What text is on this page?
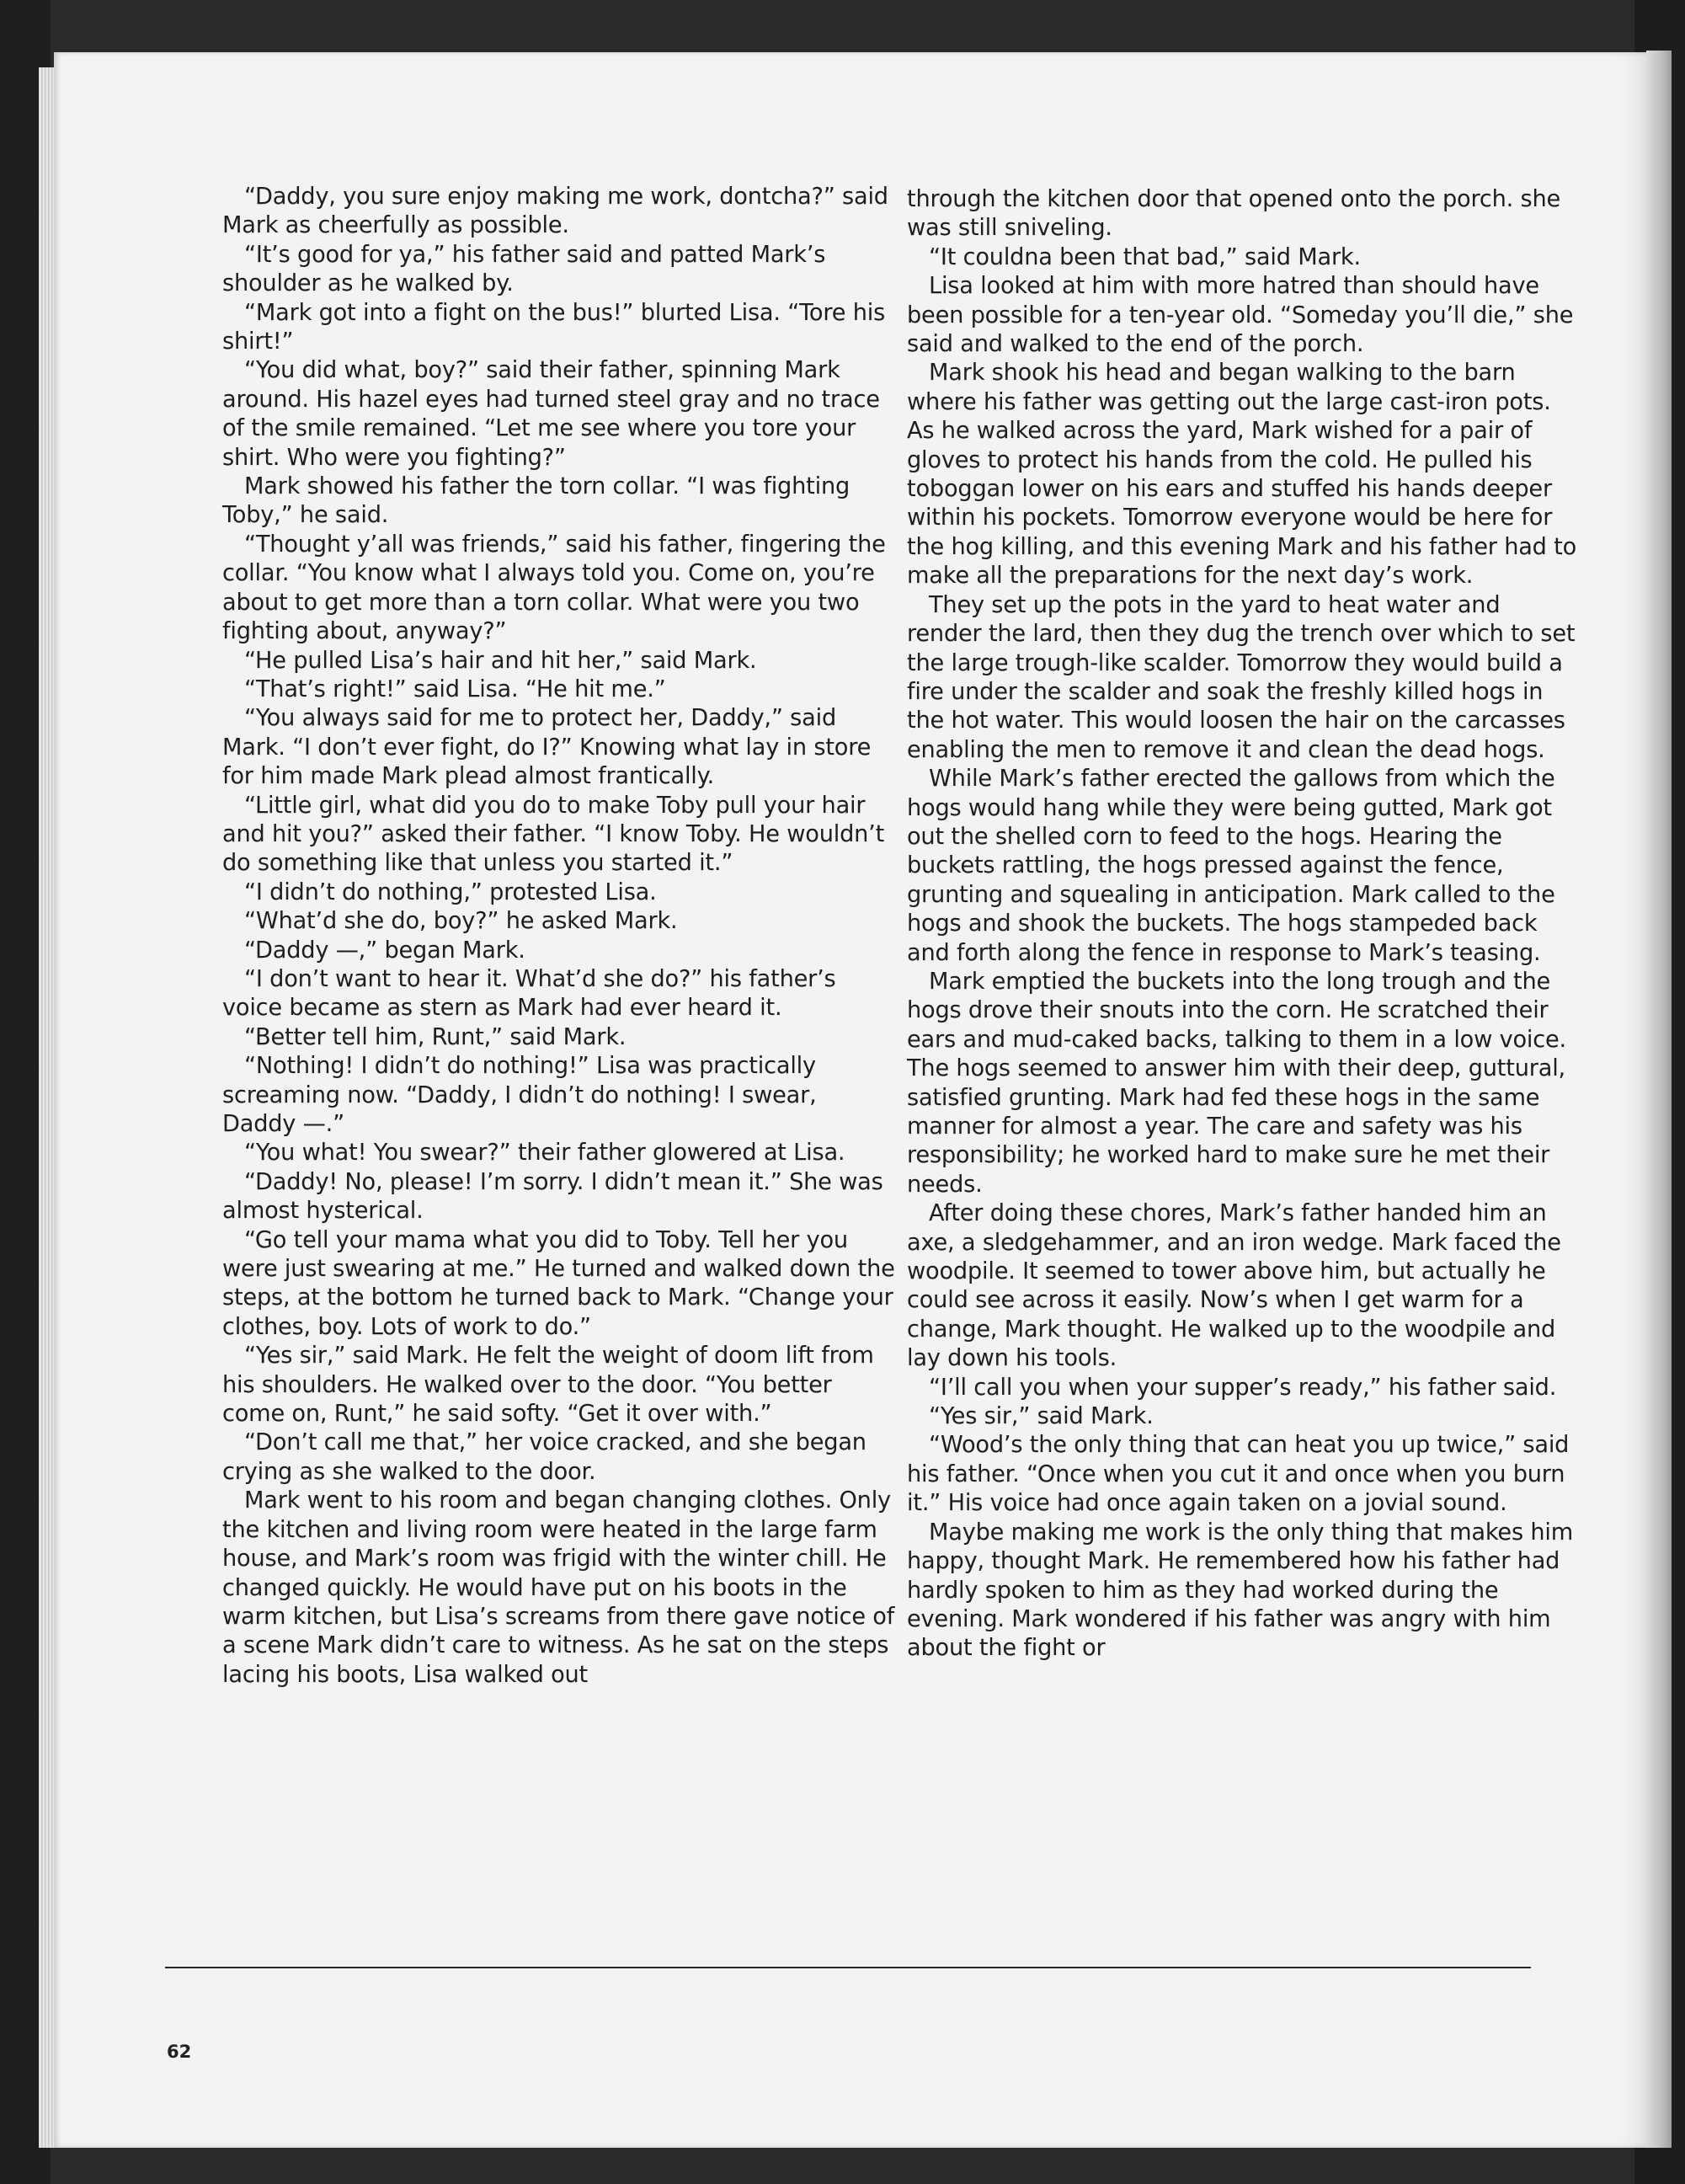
“Daddy, you sure enjoy making me work, dontcha?” said Mark as cheerfully as possible.

“It’s good for ya,” his father said and patted Mark’s shoulder as he walked by.

“Mark got into a fight on the bus!” blurted Lisa. “Tore his shirt!”

“You did what, boy?” said their father, spinning Mark around. His hazel eyes had turned steel gray and no trace of the smile remained. “Let me see where you tore your shirt. Who were you fighting?”

Mark showed his father the torn collar. “I was fighting Toby,” he said.

“Thought y’all was friends,” said his father, fingering the collar. “You know what I always told you. Come on, you’re about to get more than a torn collar. What were you two fighting about, anyway?”

“He pulled Lisa’s hair and hit her,” said Mark.

“That’s right!” said Lisa. “He hit me.”

“You always said for me to protect her, Daddy,” said Mark. “I don’t ever fight, do I?” Knowing what lay in store for him made Mark plead almost frantically.

“Little girl, what did you do to make Toby pull your hair and hit you?” asked their father. “I know Toby. He wouldn’t do something like that unless you started it.”

“I didn’t do nothing,” protested Lisa.

“What’d she do, boy?” he asked Mark.

“Daddy —,” began Mark.

“I don’t want to hear it. What’d she do?” his father’s voice became as stern as Mark had ever heard it.

“Better tell him, Runt,” said Mark.

“Nothing! I didn’t do nothing!” Lisa was practically screaming now. “Daddy, I didn’t do nothing! I swear, Daddy —.”

“You what! You swear?” their father glowered at Lisa.

“Daddy! No, please! I’m sorry. I didn’t mean it.” She was almost hysterical.

“Go tell your mama what you did to Toby. Tell her you were just swearing at me.” He turned and walked down the steps, at the bottom he turned back to Mark. “Change your clothes, boy. Lots of work to do.”

“Yes sir,” said Mark. He felt the weight of doom lift from his shoulders. He walked over to the door. “You better come on, Runt,” he said softy. “Get it over with.”

“Don’t call me that,” her voice cracked, and she began crying as she walked to the door.

Mark went to his room and began changing clothes. Only the kitchen and living room were heated in the large farm house, and Mark’s room was frigid with the winter chill. He changed quickly. He would have put on his boots in the warm kitchen, but Lisa’s screams from there gave notice of a scene Mark didn’t care to witness. As he sat on the steps lacing his boots, Lisa walked out

through the kitchen door that opened onto the porch. she was still sniveling.

“It couldna been that bad,” said Mark.

Lisa looked at him with more hatred than should have been possible for a ten-year old. “Someday you’ll die,” she said and walked to the end of the porch.

Mark shook his head and began walking to the barn where his father was getting out the large cast-iron pots. As he walked across the yard, Mark wished for a pair of gloves to protect his hands from the cold. He pulled his toboggan lower on his ears and stuffed his hands deeper within his pockets. Tomorrow everyone would be here for the hog killing, and this evening Mark and his father had to make all the preparations for the next day’s work.

They set up the pots in the yard to heat water and render the lard, then they dug the trench over which to set the large trough-like scalder. Tomorrow they would build a fire under the scalder and soak the freshly killed hogs in the hot water. This would loosen the hair on the carcasses enabling the men to remove it and clean the dead hogs.

While Mark’s father erected the gallows from which the hogs would hang while they were being gutted, Mark got out the shelled corn to feed to the hogs. Hearing the buckets rattling, the hogs pressed against the fence, grunting and squealing in anticipation. Mark called to the hogs and shook the buckets. The hogs stampeded back and forth along the fence in response to Mark’s teasing.

Mark emptied the buckets into the long trough and the hogs drove their snouts into the corn. He scratched their ears and mud-caked backs, talking to them in a low voice. The hogs seemed to answer him with their deep, guttural, satisfied grunting. Mark had fed these hogs in the same manner for almost a year. The care and safety was his responsibility; he worked hard to make sure he met their needs.

After doing these chores, Mark’s father handed him an axe, a sledgehammer, and an iron wedge. Mark faced the woodpile. It seemed to tower above him, but actually he could see across it easily. Now’s when I get warm for a change, Mark thought. He walked up to the woodpile and lay down his tools.

“I’ll call you when your supper’s ready,” his father said.

“Yes sir,” said Mark.

“Wood’s the only thing that can heat you up twice,” said his father. “Once when you cut it and once when you burn it.” His voice had once again taken on a jovial sound.

Maybe making me work is the only thing that makes him happy, thought Mark. He remembered how his father had hardly spoken to him as they had worked during the evening. Mark wondered if his father was angry with him about the fight or

62
